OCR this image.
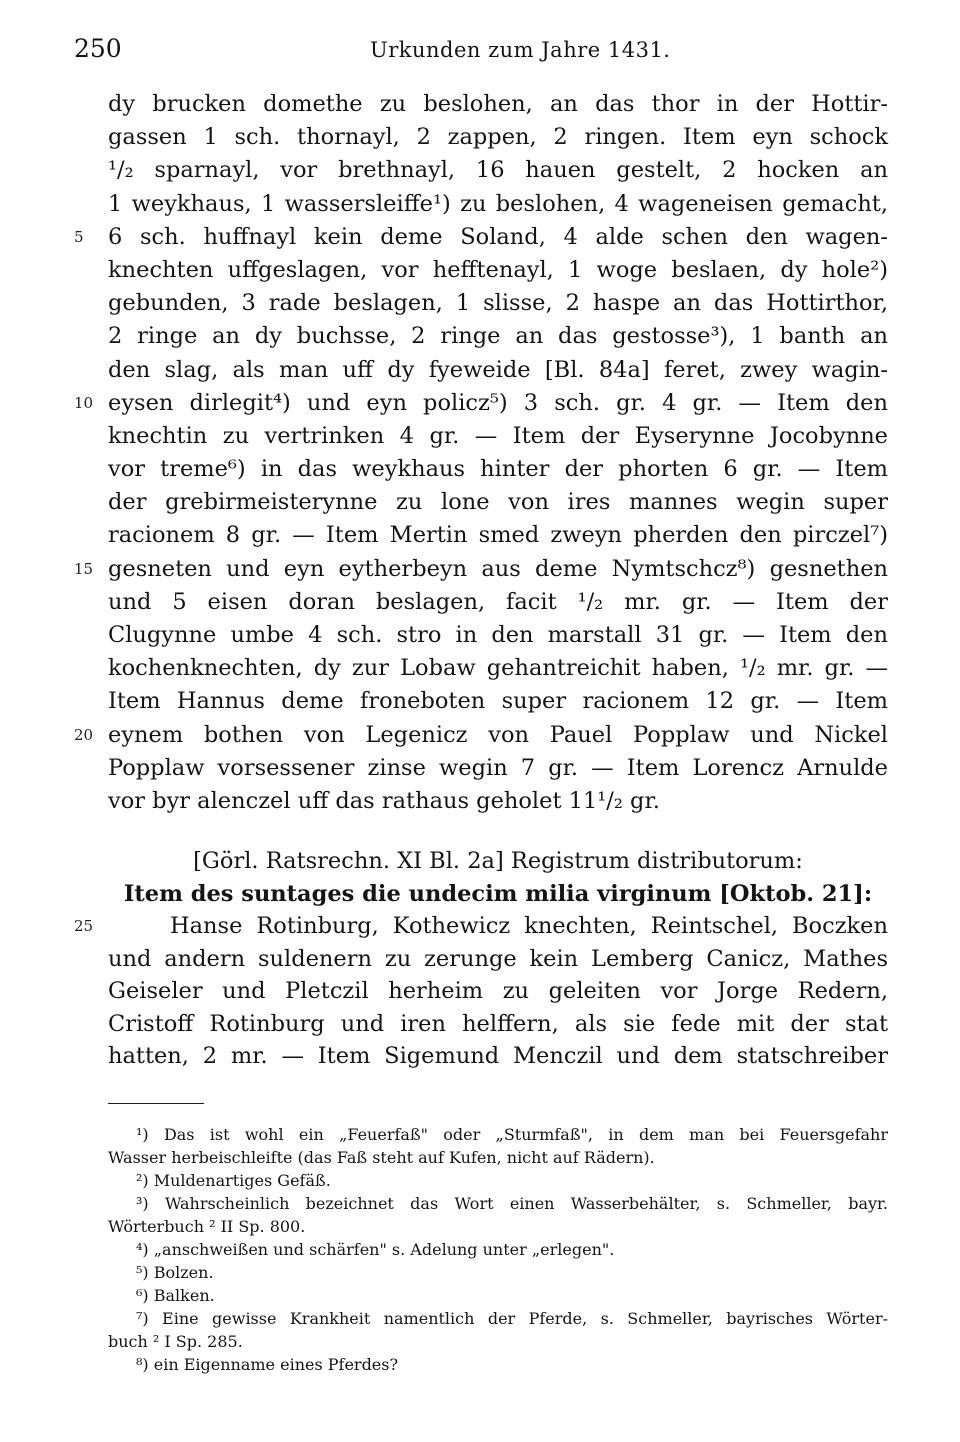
250	Urkunden zum Jahre 1431.
dy brucken domethe zu beslohen, an das thor in der Hottir-
gassen 1 sch. thornayl, 2 zappen, 2 ringen. Item eyn schock
¹/₂ sparnayl, vor brethnayl, 16 hauen gestelt, 2 hocken an
1 weykhaus, 1 wassersleiffe¹) zu beslohen, 4 wageneisen gemacht,
5 6 sch. huffnayl kein deme Soland, 4 alde schen den wagen-
knechten uffgeslagen, vor hefftenayl, 1 woge beslaen, dy hole²)
gebunden, 3 rade beslagen, 1 slisse, 2 haspe an das Hottirthor,
2 ringe an dy buchsse, 2 ringe an das gestosse³), 1 banth an
den slag, als man uff dy fyeweide [Bl. 84a] feret, zwey wagin-
10 eysen dirlegit⁴) und eyn policz⁵) 3 sch. gr. 4 gr. — Item den
knechtin zu vertrinken 4 gr. — Item der Eyserynne Jocobynne
vor treme⁶) in das weykhaus hinter der phorten 6 gr. — Item
der grebirmeisterynne zu lone von ires mannes wegin super
racionem 8 gr. — Item Mertin smed zweyn pherden den pirczel⁷)
15 gesneten und eyn eytherbeyn aus deme Nymtschcz⁸) gesnethen
und 5 eisen doran beslagen, facit ¹/₂ mr. gr. — Item der
Clugynne umbe 4 sch. stro in den marstall 31 gr. — Item den
kochenknechten, dy zur Lobaw gehantreichit haben, ¹/₂ mr. gr. —
Item Hannus deme froneboten super racionem 12 gr. — Item
20 eynem bothen von Legenicz von Pauel Popplaw und Nickel
Popplaw vorsessener zinse wegin 7 gr. — Item Lorencz Arnulde
vor byr alenczel uff das rathaus geholet 11¹/₂ gr.
[Görl. Ratsrechn. XI Bl. 2a] Registrum distributorum:
Item des suntages die undecim milia virginum [Oktob. 21]:
25	Hanse Rotinburg, Kothewicz knechten, Reintschel, Boczken
und andern suldenern zu zerunge kein Lemberg Canicz, Mathes
Geiseler und Pletczil herheim zu geleiten vor Jorge Redern,
Cristoff Rotinburg und iren helffern, als sie fede mit der stat
hatten, 2 mr. — Item Sigemund Menczil und dem statschreiber
¹) Das ist wohl ein „Feuerfaß" oder „Sturmfaß", in dem man bei Feuersgefahr
Wasser herbeischleifte (das Faß steht auf Kufen, nicht auf Rädern).
²) Muldenartiges Gefäß.
³) Wahrscheinlich bezeichnet das Wort einen Wasserbehälter, s. Schmeller, bayr.
Wörterbuch ² II Sp. 800.
⁴) „anschweißen und schärfen" s. Adelung unter „erlegen".
⁵) Bolzen.
⁶) Balken.
⁷) Eine gewisse Krankheit namentlich der Pferde, s. Schmeller, bayrisches Wörter-
buch ² I Sp. 285.
⁸) ein Eigenname eines Pferdes?
